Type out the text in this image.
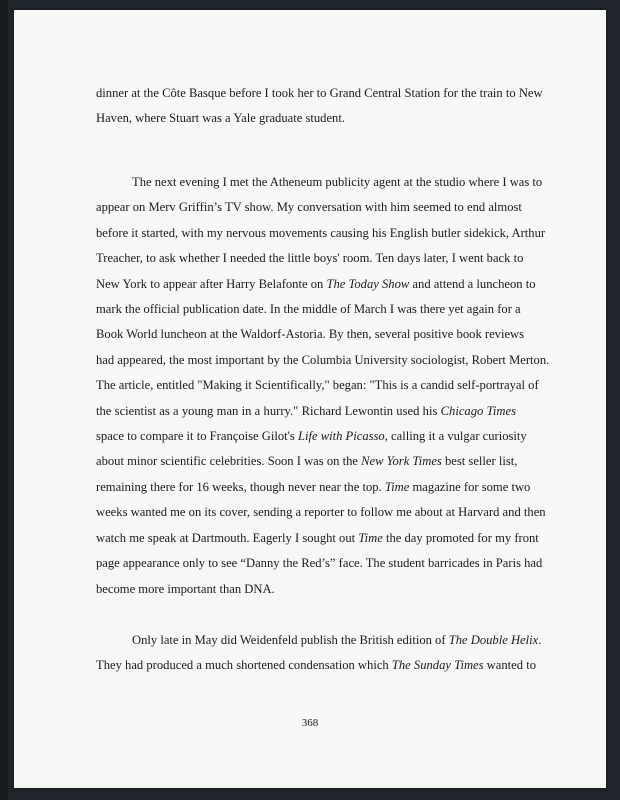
dinner at the Côte Basque before I took her to Grand Central Station for the train to New
Haven, where Stuart was a Yale graduate student.
The next evening I met the Atheneum publicity agent at the studio where I was to
appear on Merv Griffin’s TV show. My conversation with him seemed to end almost
before it started, with my nervous movements causing his English butler sidekick, Arthur
Treacher, to ask whether I needed the little boys' room. Ten days later, I went back to
New York to appear after Harry Belafonte on The Today Show and attend a luncheon to
mark the official publication date. In the middle of March I was there yet again for a
Book World luncheon at the Waldorf-Astoria. By then, several positive book reviews
had appeared, the most important by the Columbia University sociologist, Robert Merton.
The article, entitled "Making it Scientifically," began: "This is a candid self-portrayal of
the scientist as a young man in a hurry." Richard Lewontin used his Chicago Times
space to compare it to Françoise Gilot's Life with Picasso, calling it a vulgar curiosity
about minor scientific celebrities. Soon I was on the New York Times best seller list,
remaining there for 16 weeks, though never near the top. Time magazine for some two
weeks wanted me on its cover, sending a reporter to follow me about at Harvard and then
watch me speak at Dartmouth. Eagerly I sought out Time the day promoted for my front
page appearance only to see “Danny the Red’s” face. The student barricades in Paris had
become more important than DNA.
Only late in May did Weidenfeld publish the British edition of The Double Helix.
They had produced a much shortened condensation which The Sunday Times wanted to
368
